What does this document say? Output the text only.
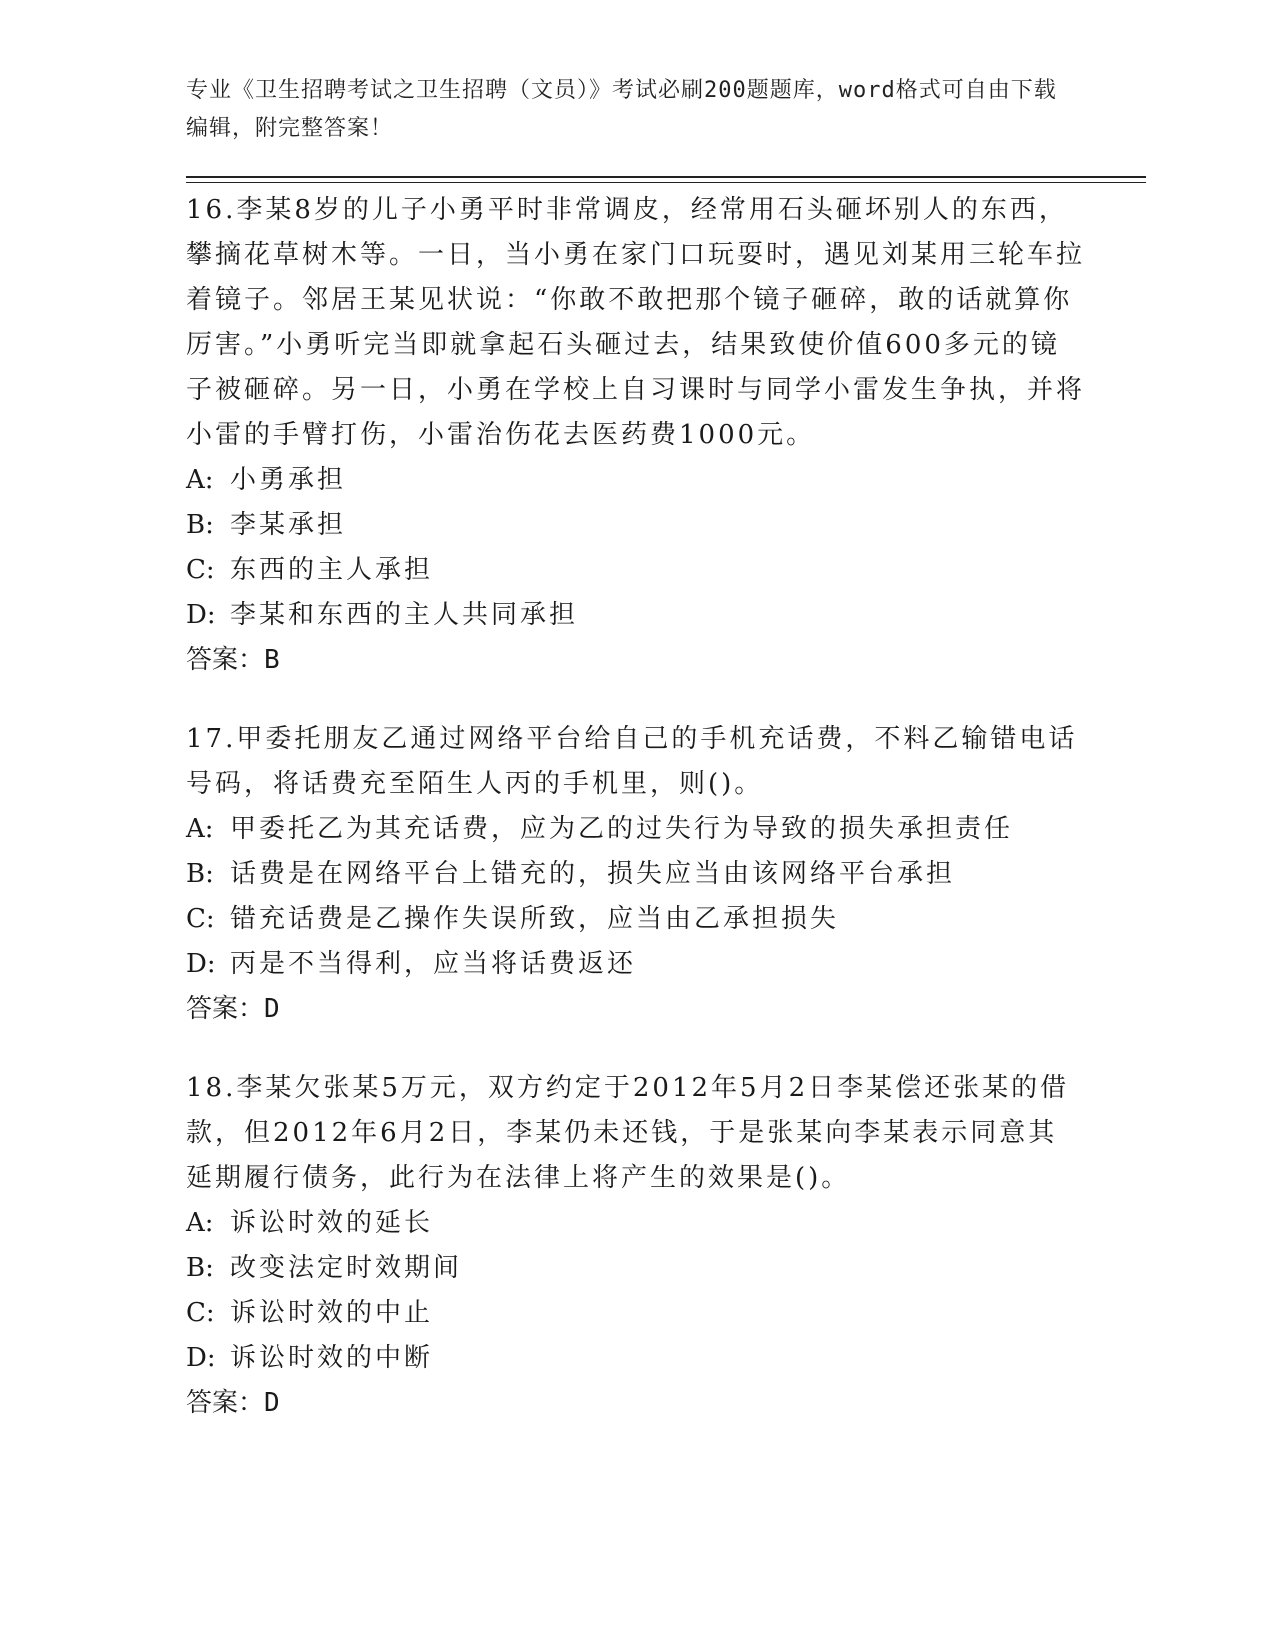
专业《卫生招聘考试之卫生招聘（文员）》考试必刷200题题库，word格式可自由下载编辑，附完整答案！

16.李某8岁的儿子小勇平时非常调皮，经常用石头砸坏别人的东西，攀摘花草树木等。一日，当小勇在家门口玩耍时，遇见刘某用三轮车拉着镜子。邻居王某见状说：“你敢不敢把那个镜子砸碎，敢的话就算你厉害。”小勇听完当即就拿起石头砸过去，结果致使价值600多元的镜子被砸碎。另一日，小勇在学校上自习课时与同学小雷发生争执，并将小雷的手臂打伤，小雷治伤花去医药费1000元。

A: 小勇承担

B: 李某承担

C: 东西的主人承担

D: 李某和东西的主人共同承担

答案：B

17.甲委托朋友乙通过网络平台给自己的手机充话费，不料乙输错电话号码，将话费充至陌生人丙的手机里，则()。

A: 甲委托乙为其充话费，应为乙的过失行为导致的损失承担责任

B: 话费是在网络平台上错充的，损失应当由该网络平台承担

C: 错充话费是乙操作失误所致，应当由乙承担损失

D: 丙是不当得利，应当将话费返还

答案：D

18.李某欠张某5万元，双方约定于2012年5月2日李某偿还张某的借款，但2012年6月2日，李某仍未还钱，于是张某向李某表示同意其延期履行债务，此行为在法律上将产生的效果是()。

A: 诉讼时效的延长

B: 改变法定时效期间

C: 诉讼时效的中止

D: 诉讼时效的中断

答案：D
